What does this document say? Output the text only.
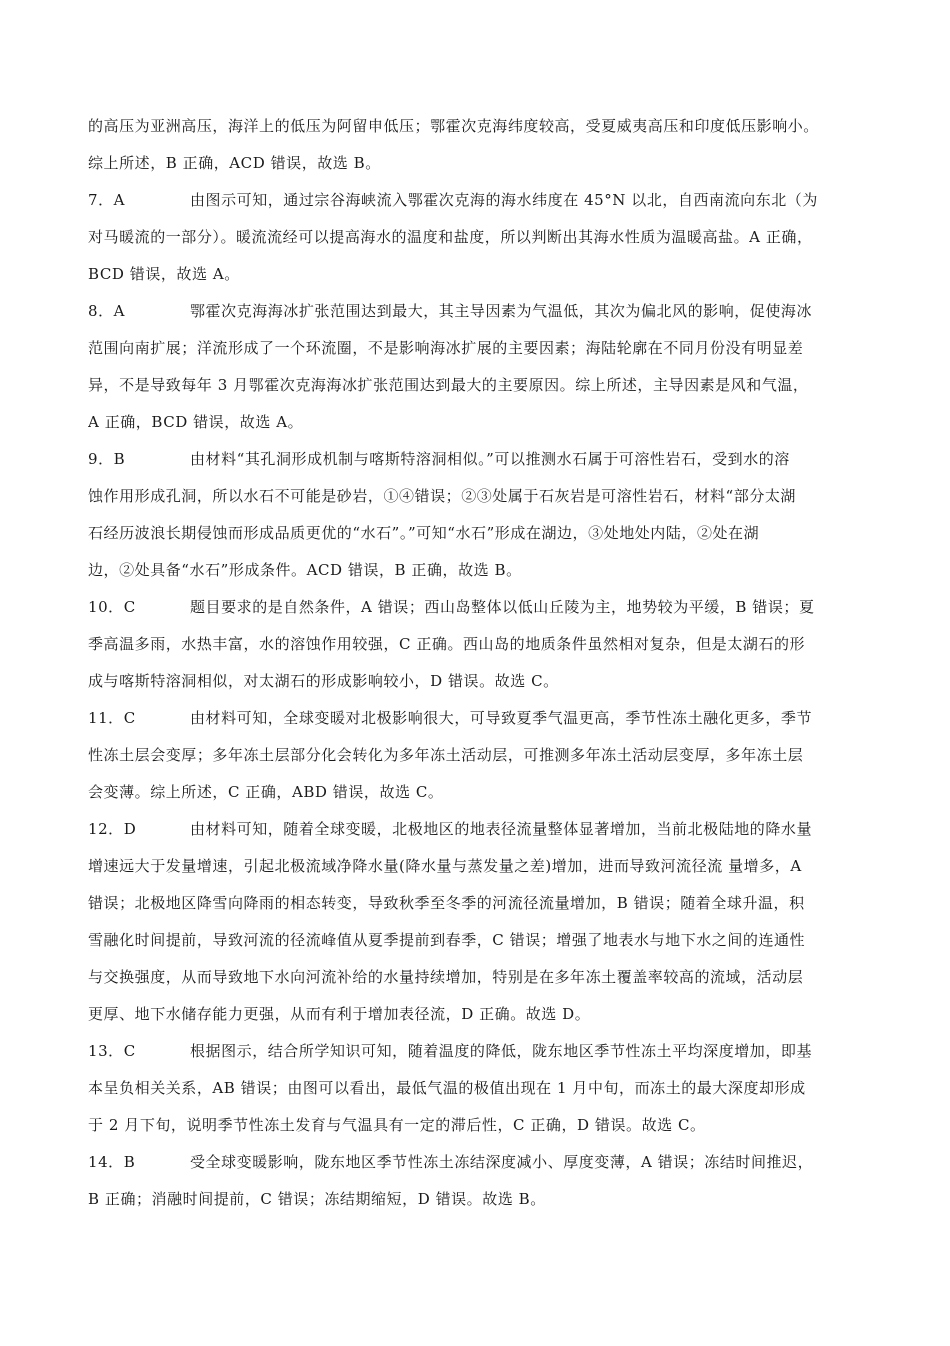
的高压为亚洲高压，海洋上的低压为阿留申低压；鄂霍次克海纬度较高，受夏威夷高压和印度低压影响小。
综上所述，B 正确，ACD 错误，故选 B。
7．A	由图示可知，通过宗谷海峡流入鄂霍次克海的海水纬度在 45°N 以北，自西南流向东北（为
对马暖流的一部分）。暖流流经可以提高海水的温度和盐度，所以判断出其海水性质为温暖高盐。A 正确，
BCD 错误，故选 A。
8．A	鄂霍次克海海冰扩张范围达到最大，其主导因素为气温低，其次为偏北风的影响，促使海冰
范围向南扩展；洋流形成了一个环流圈，不是影响海冰扩展的主要因素；海陆轮廓在不同月份没有明显差
异，不是导致每年 3 月鄂霍次克海海冰扩张范围达到最大的主要原因。综上所述，主导因素是风和气温，
A 正确，BCD 错误，故选 A。
9．B	由材料“其孔洞形成机制与喀斯特溶洞相似。”可以推测水石属于可溶性岩石，受到水的溶
蚀作用形成孔洞，所以水石不可能是砂岩，①④错误；②③处属于石灰岩是可溶性岩石，材料“部分太湖
石经历波浪长期侵蚀而形成品质更优的“水石”。”可知“水石”形成在湖边，③处地处内陆，②处在湖
边，②处具备“水石”形成条件。ACD 错误，B 正确，故选 B。
10．C	题目要求的是自然条件，A 错误；西山岛整体以低山丘陵为主，地势较为平缓，B 错误；夏
季高温多雨，水热丰富，水的溶蚀作用较强，C 正确。西山岛的地质条件虽然相对复杂，但是太湖石的形
成与喀斯特溶洞相似，对太湖石的形成影响较小，D 错误。故选 C。
11．C	由材料可知，全球变暖对北极影响很大，可导致夏季气温更高，季节性冻土融化更多，季节
性冻土层会变厚；多年冻土层部分化会转化为多年冻土活动层，可推测多年冻土活动层变厚，多年冻土层
会变薄。综上所述，C 正确，ABD 错误，故选 C。
12．D	由材料可知，随着全球变暖，北极地区的地表径流量整体显著增加，当前北极陆地的降水量
增速远大于发量增速，引起北极流域净降水量(降水量与蒸发量之差)增加，进而导致河流径流 量增多，A
错误；北极地区降雪向降雨的相态转变，导致秋季至冬季的河流径流量增加，B 错误；随着全球升温，积
雪融化时间提前，导致河流的径流峰值从夏季提前到春季，C 错误；增强了地表水与地下水之间的连通性
与交换强度，从而导致地下水向河流补给的水量持续增加，特别是在多年冻土覆盖率较高的流域，活动层
更厚、地下水储存能力更强，从而有利于增加表径流，D 正确。故选 D。
13．C	根据图示，结合所学知识可知，随着温度的降低，陇东地区季节性冻土平均深度增加，即基
本呈负相关关系，AB 错误；由图可以看出，最低气温的极值出现在 1 月中旬，而冻土的最大深度却形成
于 2 月下旬，说明季节性冻土发育与气温具有一定的滞后性，C 正确，D 错误。故选 C。
14．B	受全球变暖影响，陇东地区季节性冻土冻结深度减小、厚度变薄，A 错误；冻结时间推迟，
B 正确；消融时间提前，C 错误；冻结期缩短，D 错误。故选 B。
